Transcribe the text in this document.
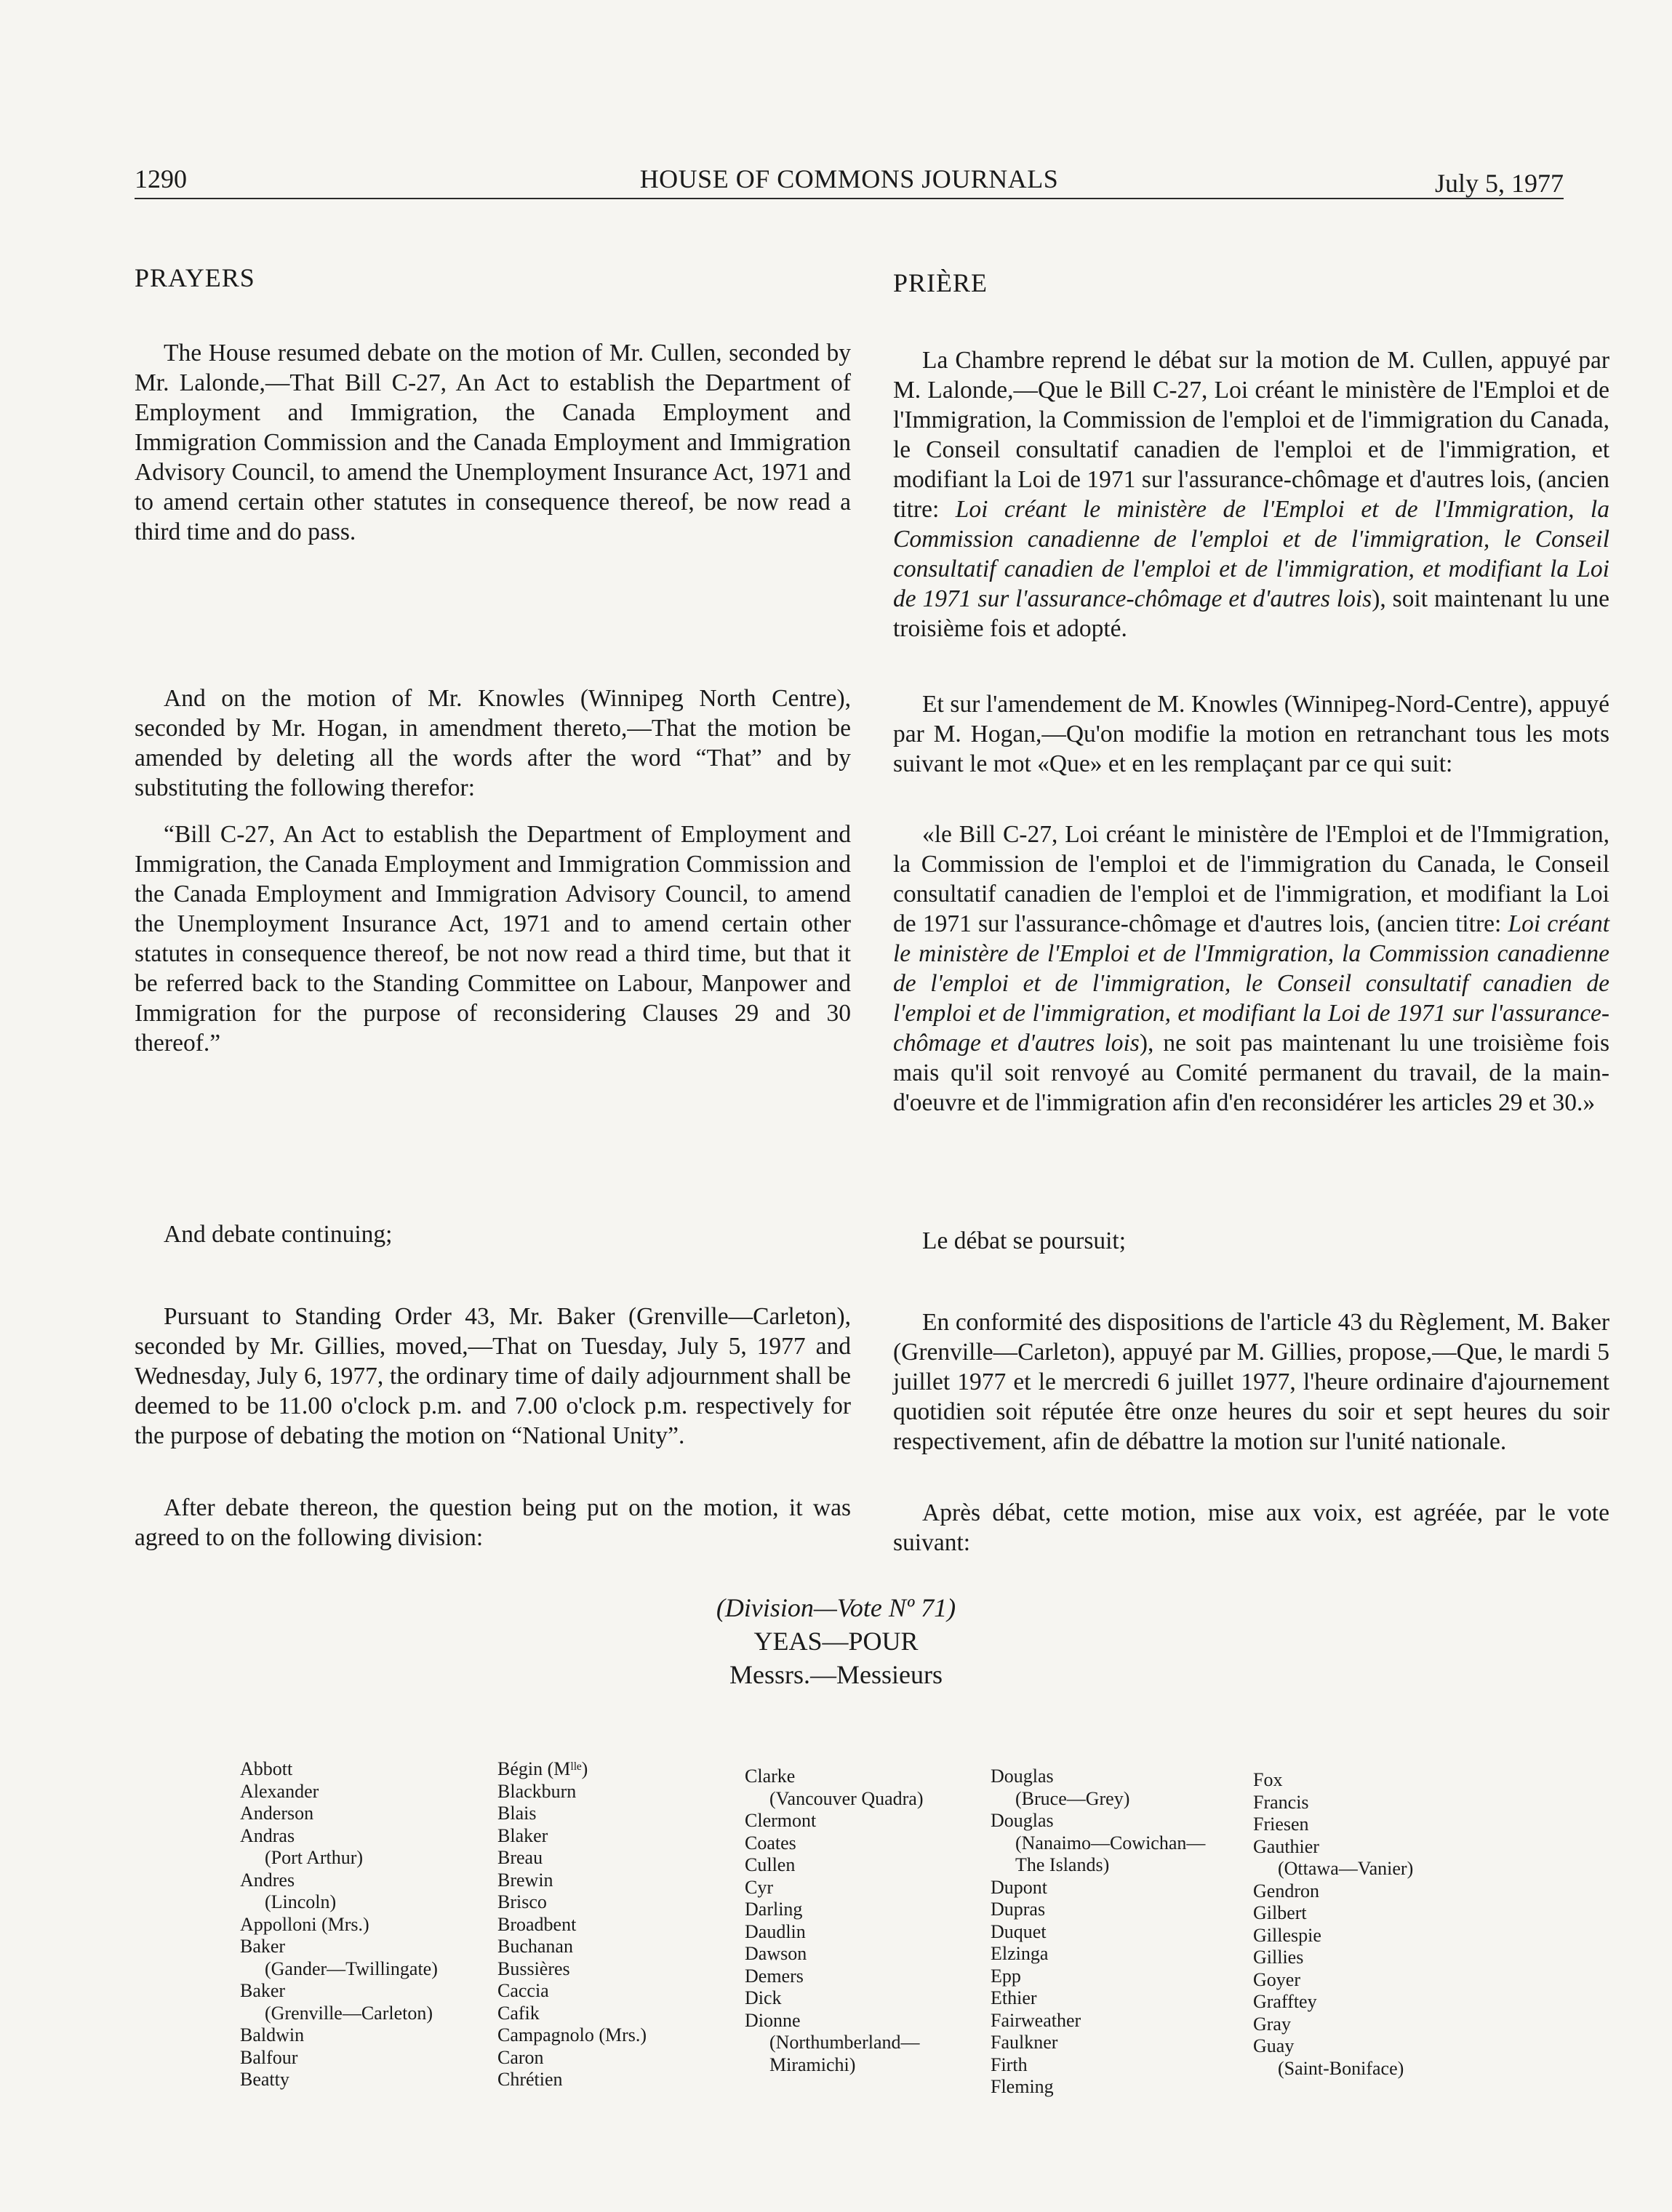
1290	HOUSE OF COMMONS JOURNALS	July 5, 1977
PRAYERS
The House resumed debate on the motion of Mr. Cullen, seconded by Mr. Lalonde,—That Bill C-27, An Act to establish the Department of Employment and Immigration, the Canada Employment and Immigration Commission and the Canada Employment and Immigration Advisory Council, to amend the Unemployment Insurance Act, 1971 and to amend certain other statutes in consequence thereof, be now read a third time and do pass.
And on the motion of Mr. Knowles (Winnipeg North Centre), seconded by Mr. Hogan, in amendment thereto,—That the motion be amended by deleting all the words after the word “That” and by substituting the following therefor:
“Bill C-27, An Act to establish the Department of Employment and Immigration, the Canada Employment and Immigration Commission and the Canada Employment and Immigration Advisory Council, to amend the Unemployment Insurance Act, 1971 and to amend certain other statutes in consequence thereof, be not now read a third time, but that it be referred back to the Standing Committee on Labour, Manpower and Immigration for the purpose of reconsidering Clauses 29 and 30 thereof.”
And debate continuing;
Pursuant to Standing Order 43, Mr. Baker (Grenville—Carleton), seconded by Mr. Gillies, moved,—That on Tuesday, July 5, 1977 and Wednesday, July 6, 1977, the ordinary time of daily adjournment shall be deemed to be 11.00 o'clock p.m. and 7.00 o'clock p.m. respectively for the purpose of debating the motion on “National Unity”.
After debate thereon, the question being put on the motion, it was agreed to on the following division:
PRIÈRE
La Chambre reprend le débat sur la motion de M. Cullen, appuyé par M. Lalonde,—Que le Bill C-27, Loi créant le ministère de l'Emploi et de l'Immigration, la Commission de l'emploi et de l'immigration du Canada, le Conseil consultatif canadien de l'emploi et de l'immigration, et modifiant la Loi de 1971 sur l'assurance-chômage et d'autres lois, (ancien titre: Loi créant le ministère de l'Emploi et de l'Immigration, la Commission canadienne de l'emploi et de l'immigration, le Conseil consultatif canadien de l'emploi et de l'immigration, et modifiant la Loi de 1971 sur l'assurance-chômage et d'autres lois), soit maintenant lu une troisième fois et adopté.
Et sur l'amendement de M. Knowles (Winnipeg-Nord-Centre), appuyé par M. Hogan,—Qu'on modifie la motion en retranchant tous les mots suivant le mot «Que» et en les remplaçant par ce qui suit:
«le Bill C-27, Loi créant le ministère de l'Emploi et de l'Immigration, la Commission de l'emploi et de l'immigration du Canada, le Conseil consultatif canadien de l'emploi et de l'immigration, et modifiant la Loi de 1971 sur l'assurance-chômage et d'autres lois, (ancien titre: Loi créant le ministère de l'Emploi et de l'Immigration, la Commission canadienne de l'emploi et de l'immigration, le Conseil consultatif canadien de l'emploi et de l'immigration, et modifiant la Loi de 1971 sur l'assurance-chômage et d'autres lois), ne soit pas maintenant lu une troisième fois mais qu'il soit renvoyé au Comité permanent du travail, de la main-d'oeuvre et de l'immigration afin d'en reconsidérer les articles 29 et 30.»
Le débat se poursuit;
En conformité des dispositions de l'article 43 du Règlement, M. Baker (Grenville—Carleton), appuyé par M. Gillies, propose,—Que, le mardi 5 juillet 1977 et le mercredi 6 juillet 1977, l'heure ordinaire d'ajournement quotidien soit réputée être onze heures du soir et sept heures du soir respectivement, afin de débattre la motion sur l'unité nationale.
Après débat, cette motion, mise aux voix, est agréée, par le vote suivant:
(Division—Vote Nº 71)
YEAS—POUR
Messrs.—Messieurs
Abbott
Alexander
Anderson
Andras
(Port Arthur)
Andres
(Lincoln)
Appolloni (Mrs.)
Baker
(Gander—Twillingate)
Baker
(Grenville—Carleton)
Baldwin
Balfour
Beatty
Bégin (Mˡˡᵉ)
Blackburn
Blais
Blaker
Breau
Brewin
Brisco
Broadbent
Buchanan
Bussières
Caccia
Cafik
Campagnolo (Mrs.)
Caron
Chrétien
Clarke
(Vancouver Quadra)
Clermont
Coates
Cullen
Cyr
Darling
Daudlin
Dawson
Demers
Dick
Dionne
(Northumberland—
Miramichi)
Douglas
(Bruce—Grey)
Douglas
(Nanaimo—Cowichan—
The Islands)
Dupont
Dupras
Duquet
Elzinga
Epp
Ethier
Fairweather
Faulkner
Firth
Fleming
Fox
Francis
Friesen
Gauthier
(Ottawa—Vanier)
Gendron
Gilbert
Gillespie
Gillies
Goyer
Grafftey
Gray
Guay
(Saint-Boniface)
